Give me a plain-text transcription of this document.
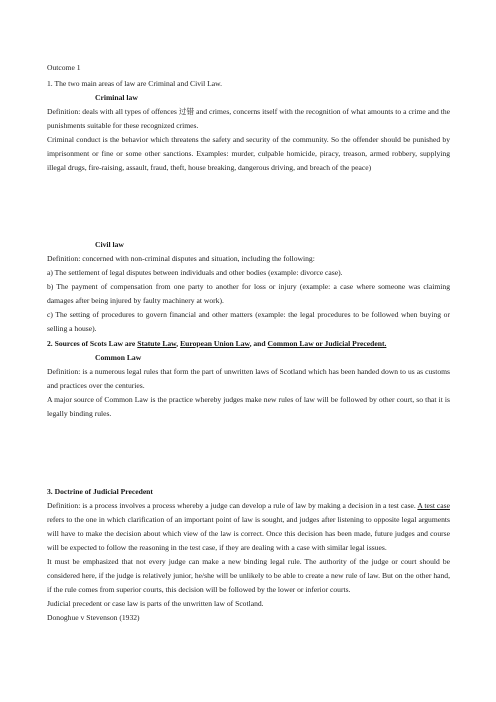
Outcome 1

1. The two main areas of law are Criminal and Civil Law.

Criminal law

Definition: deals with all types of offences 过错 and crimes, concerns itself with the recognition of what amounts to a crime and the punishments suitable for these recognized crimes.

Criminal conduct is the behavior which threatens the safety and security of the community. So the offender should be punished by imprisonment or fine or some other sanctions. Examples: murder, culpable homicide, piracy, treason, armed robbery, supplying illegal drugs, fire-raising, assault, fraud, theft, house breaking, dangerous driving, and breach of the peace)

Civil law

Definition: concerned with non-criminal disputes and situation, including the following:

a) The settlement of legal disputes between individuals and other bodies (example: divorce case).

b) The payment of compensation from one party to another for loss or injury (example: a case where someone was claiming damages after being injured by faulty machinery at work).

c) The setting of procedures to govern financial and other matters (example: the legal procedures to be followed when buying or selling a house).

2. Sources of Scots Law are Statute Law, European Union Law, and Common Law or Judicial Precedent.

Common Law

Definition: is a numerous legal rules that form the part of unwritten laws of Scotland which has been handed down to us as customs and practices over the centuries.

A major source of Common Law is the practice whereby judges make new rules of law will be followed by other court, so that it is legally binding rules.

3. Doctrine of Judicial Precedent

Definition: is a process involves a process whereby a judge can develop a rule of law by making a decision in a test case. A test case refers to the one in which clarification of an important point of law is sought, and judges after listening to opposite legal arguments will have to make the decision about which view of the law is correct. Once this decision has been made, future judges and course will be expected to follow the reasoning in the test case, if they are dealing with a case with similar legal issues.

It must be emphasized that not every judge can make a new binding legal rule. The authority of the judge or court should be considered here, if the judge is relatively junior, he/she will be unlikely to be able to create a new rule of law. But on the other hand, if the rule comes from superior courts, this decision will be followed by the lower or inferior courts.

Judicial precedent or case law is parts of the unwritten law of Scotland.

Donoghue v Stevenson (1932)
